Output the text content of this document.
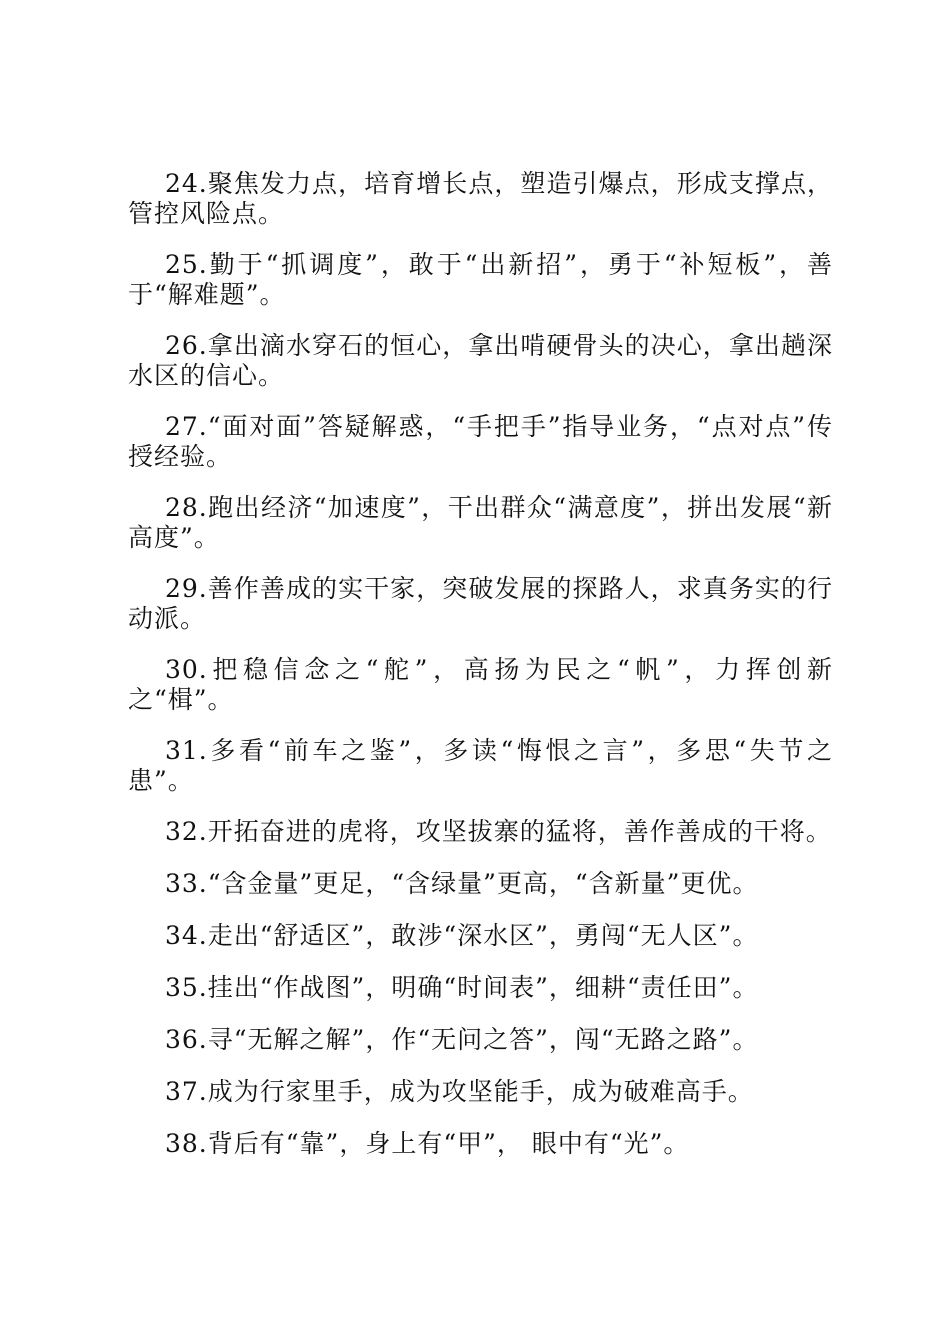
24.聚焦发力点，培育增长点，塑造引爆点，形成支撑点，管控风险点。

25.勤于“抓调度”，敢于“出新招”，勇于“补短板”，善于“解难题”。

26.拿出滴水穿石的恒心，拿出啃硬骨头的决心，拿出趟深水区的信心。

27.“面对面”答疑解惑，“手把手”指导业务，“点对点”传授经验。

28.跑出经济“加速度”，干出群众“满意度”，拼出发展“新高度”。

29.善作善成的实干家，突破发展的探路人，求真务实的行动派。

30.把稳信念之“舵”，高扬为民之“帆”，力挥创新之“楫”。

31.多看“前车之鉴”，多读“悔恨之言”，多思“失节之患”。

32.开拓奋进的虎将，攻坚拔寨的猛将，善作善成的干将。

33.“含金量”更足，“含绿量”更高，“含新量”更优。

34.走出“舒适区”，敢涉“深水区”，勇闯“无人区”。

35.挂出“作战图”，明确“时间表”，细耕“责任田”。

36.寻“无解之解”，作“无问之答”，闯“无路之路”。

37.成为行家里手，成为攻坚能手，成为破难高手。

38.背后有“靠”，身上有“甲”， 眼中有“光”。
